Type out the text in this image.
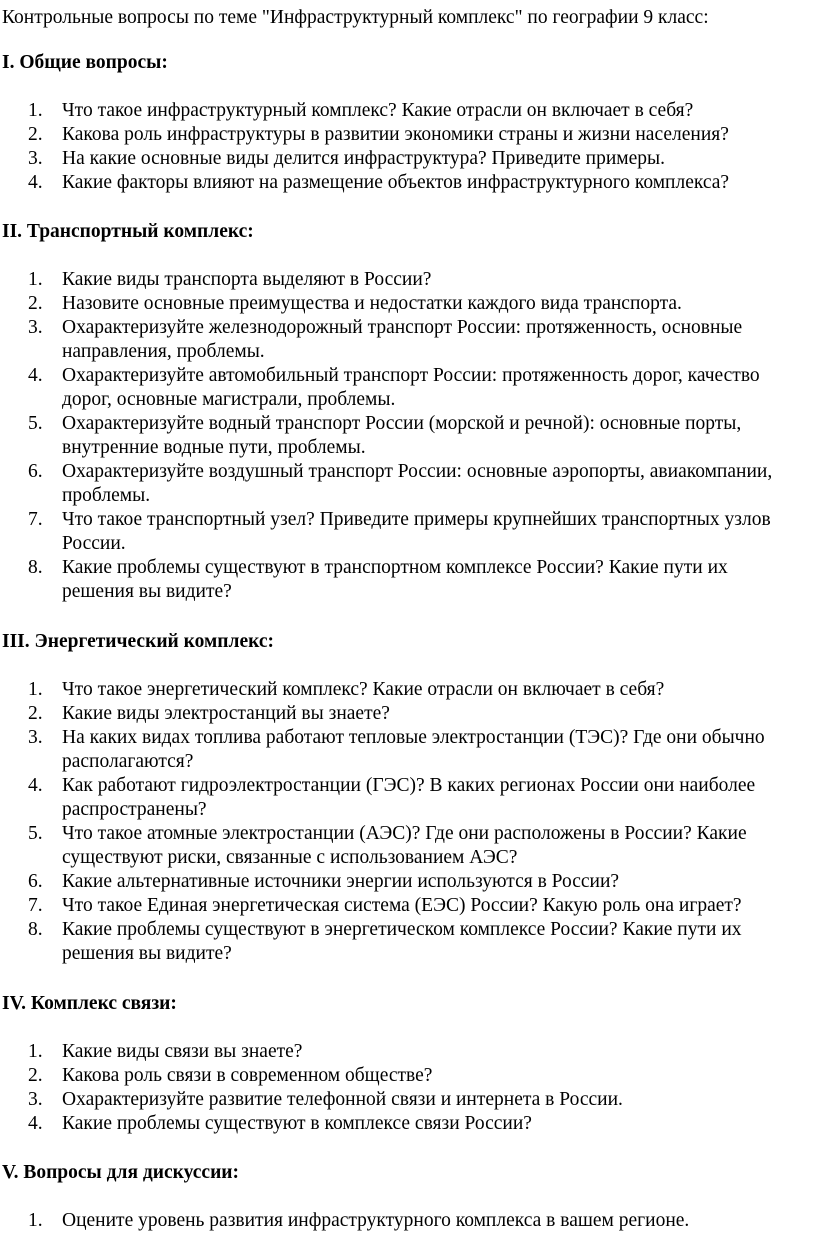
Контрольные вопросы по теме "Инфраструктурный комплекс" по географии 9 класс:

I. Общие вопросы:

1. Что такое инфраструктурный комплекс? Какие отрасли он включает в себя?
2. Какова роль инфраструктуры в развитии экономики страны и жизни населения?
3. На какие основные виды делится инфраструктура? Приведите примеры.
4. Какие факторы влияют на размещение объектов инфраструктурного комплекса?

II. Транспортный комплекс:

1. Какие виды транспорта выделяют в России?
2. Назовите основные преимущества и недостатки каждого вида транспорта.
3. Охарактеризуйте железнодорожный транспорт России: протяженность, основные направления, проблемы.
4. Охарактеризуйте автомобильный транспорт России: протяженность дорог, качество дорог, основные магистрали, проблемы.
5. Охарактеризуйте водный транспорт России (морской и речной): основные порты, внутренние водные пути, проблемы.
6. Охарактеризуйте воздушный транспорт России: основные аэропорты, авиакомпании, проблемы.
7. Что такое транспортный узел? Приведите примеры крупнейших транспортных узлов России.
8. Какие проблемы существуют в транспортном комплексе России? Какие пути их решения вы видите?

III. Энергетический комплекс:

1. Что такое энергетический комплекс? Какие отрасли он включает в себя?
2. Какие виды электростанций вы знаете?
3. На каких видах топлива работают тепловые электростанции (ТЭС)? Где они обычно располагаются?
4. Как работают гидроэлектростанции (ГЭС)? В каких регионах России они наиболее распространены?
5. Что такое атомные электростанции (АЭС)? Где они расположены в России? Какие существуют риски, связанные с использованием АЭС?
6. Какие альтернативные источники энергии используются в России?
7. Что такое Единая энергетическая система (ЕЭС) России? Какую роль она играет?
8. Какие проблемы существуют в энергетическом комплексе России? Какие пути их решения вы видите?

IV. Комплекс связи:

1. Какие виды связи вы знаете?
2. Какова роль связи в современном обществе?
3. Охарактеризуйте развитие телефонной связи и интернета в России.
4. Какие проблемы существуют в комплексе связи России?

V. Вопросы для дискуссии:

1. Оцените уровень развития инфраструктурного комплекса в вашем регионе.
